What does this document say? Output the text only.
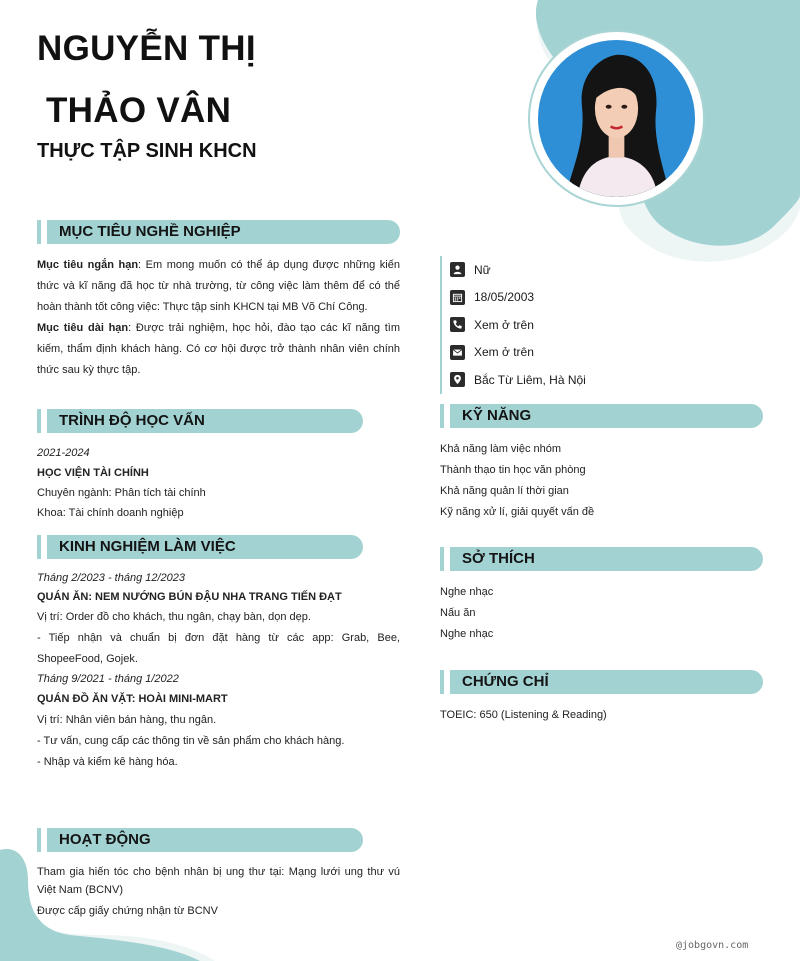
NGUYỄN THỊ
THẢO VÂN
THỰC TẬP SINH KHCN
MỤC TIÊU NGHỀ NGHIỆP

Mục tiêu ngắn hạn: Em mong muốn có thể áp dụng được những kiến thức và kĩ năng đã học từ nhà trường, từ công việc làm thêm để có thể hoàn thành tốt công việc: Thực tập sinh KHCN tại MB Võ Chí Công.

Mục tiêu dài hạn: Được trải nghiệm, học hỏi, đào tạo các kĩ năng tìm kiếm, thẩm định khách hàng. Có cơ hội được trở thành nhân viên chính thức sau kỳ thực tập.

TRÌNH ĐỘ HỌC VẤN

2021-2024

HỌC VIỆN TÀI CHÍNH

Chuyên ngành: Phân tích tài chính

Khoa: Tài chính doanh nghiệp

KINH NGHIỆM LÀM VIỆC

Tháng 2/2023 - tháng 12/2023

QUÁN ĂN: NEM NƯỚNG BÚN ĐẬU NHA TRANG TIẾN ĐẠT

Vị trí: Order đồ cho khách, thu ngân, chạy bàn, dọn dẹp.

- Tiếp nhận và chuẩn bị đơn đặt hàng từ các app: Grab, Bee, ShopeeFood, Gojek.

Tháng 9/2021 - tháng 1/2022

QUÁN ĐỒ ĂN VẶT: HOÀI MINI-MART

Vị trí: Nhân viên bán hàng, thu ngân.

- Tư vấn, cung cấp các thông tin về sản phẩm cho khách hàng.

- Nhập và kiểm kê hàng hóa.

HOẠT ĐỘNG

Tham gia hiến tóc cho bệnh nhân bị ung thư tại: Mạng lưới ung thư vú Việt Nam (BCNV)

Được cấp giấy chứng nhận từ BCNV

Nữ
18/05/2003
Xem ở trên
Xem ở trên
Bắc Từ Liêm, Hà Nội
KỸ NĂNG

Khả năng làm việc nhóm

Thành thạo tin học văn phòng

Khả năng quản lí thời gian

Kỹ năng xử lí, giải quyết vấn đề

SỞ THÍCH

Nghe nhạc

Nấu ăn

Nghe nhạc

CHỨNG CHỈ

TOEIC: 650 (Listening & Reading)

@jobgovn.com
